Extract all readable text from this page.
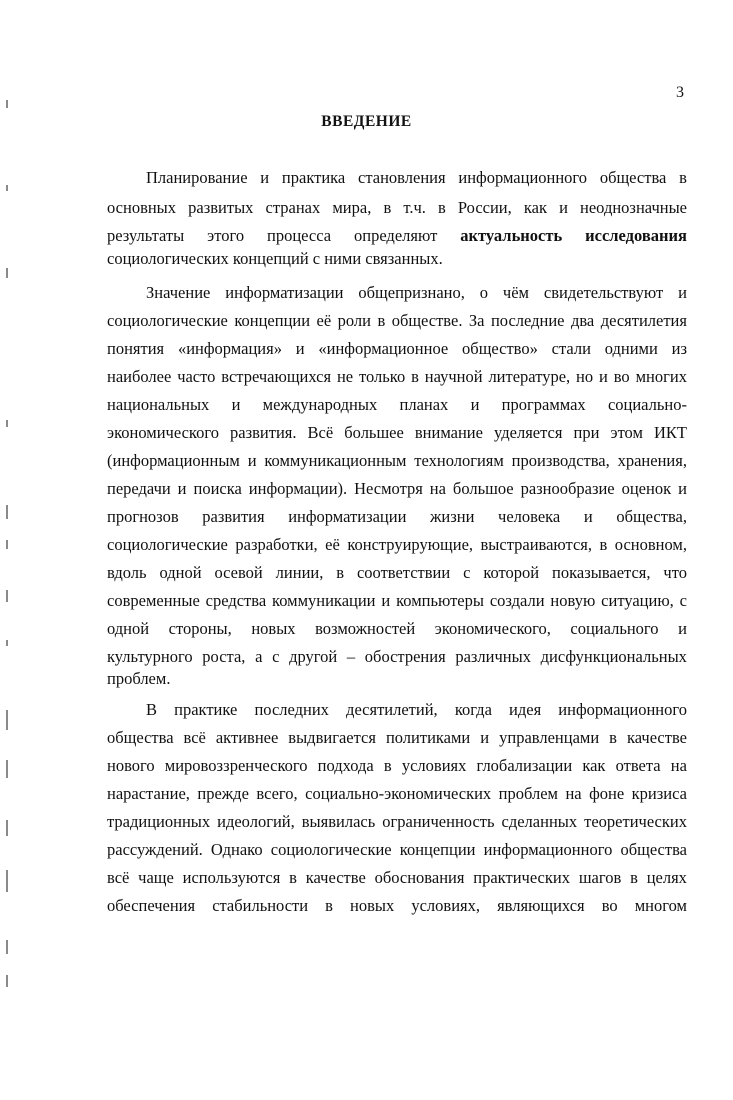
3
ВВЕДЕНИЕ
Планирование и практика становления информационного общества в
основных развитых странах мира, в т.ч. в России, как и неоднозначные
результаты этого процесса определяют актуальность исследования
социологических концепций с ними связанных.
Значение информатизации общепризнано, о чём свидетельствуют и
социологические концепции её роли в обществе. За последние два десятилетия
понятия «информация» и «информационное общество» стали одними из
наиболее часто встречающихся не только в научной литературе, но и во многих
национальных и международных планах и программах социально-
экономического развития. Всё большее внимание уделяется при этом ИКТ
(информационным и коммуникационным технологиям производства, хранения,
передачи и поиска информации). Несмотря на большое разнообразие оценок и
прогнозов развития информатизации жизни человека и общества,
социологические разработки, её конструирующие, выстраиваются, в основном,
вдоль одной осевой линии, в соответствии с которой показывается, что
современные средства коммуникации и компьютеры создали новую ситуацию, с
одной стороны, новых возможностей экономического, социального и
культурного роста, а с другой – обострения различных дисфункциональных
проблем.
В практике последних десятилетий, когда идея информационного
общества всё активнее выдвигается политиками и управленцами в качестве
нового мировоззренческого подхода в условиях глобализации как ответа на
нарастание, прежде всего, социально-экономических проблем на фоне кризиса
традиционных идеологий, выявилась ограниченность сделанных теоретических
рассуждений. Однако социологические концепции информационного общества
всё чаще используются в качестве обоснования практических шагов в целях
обеспечения стабильности в новых условиях, являющихся во многом
